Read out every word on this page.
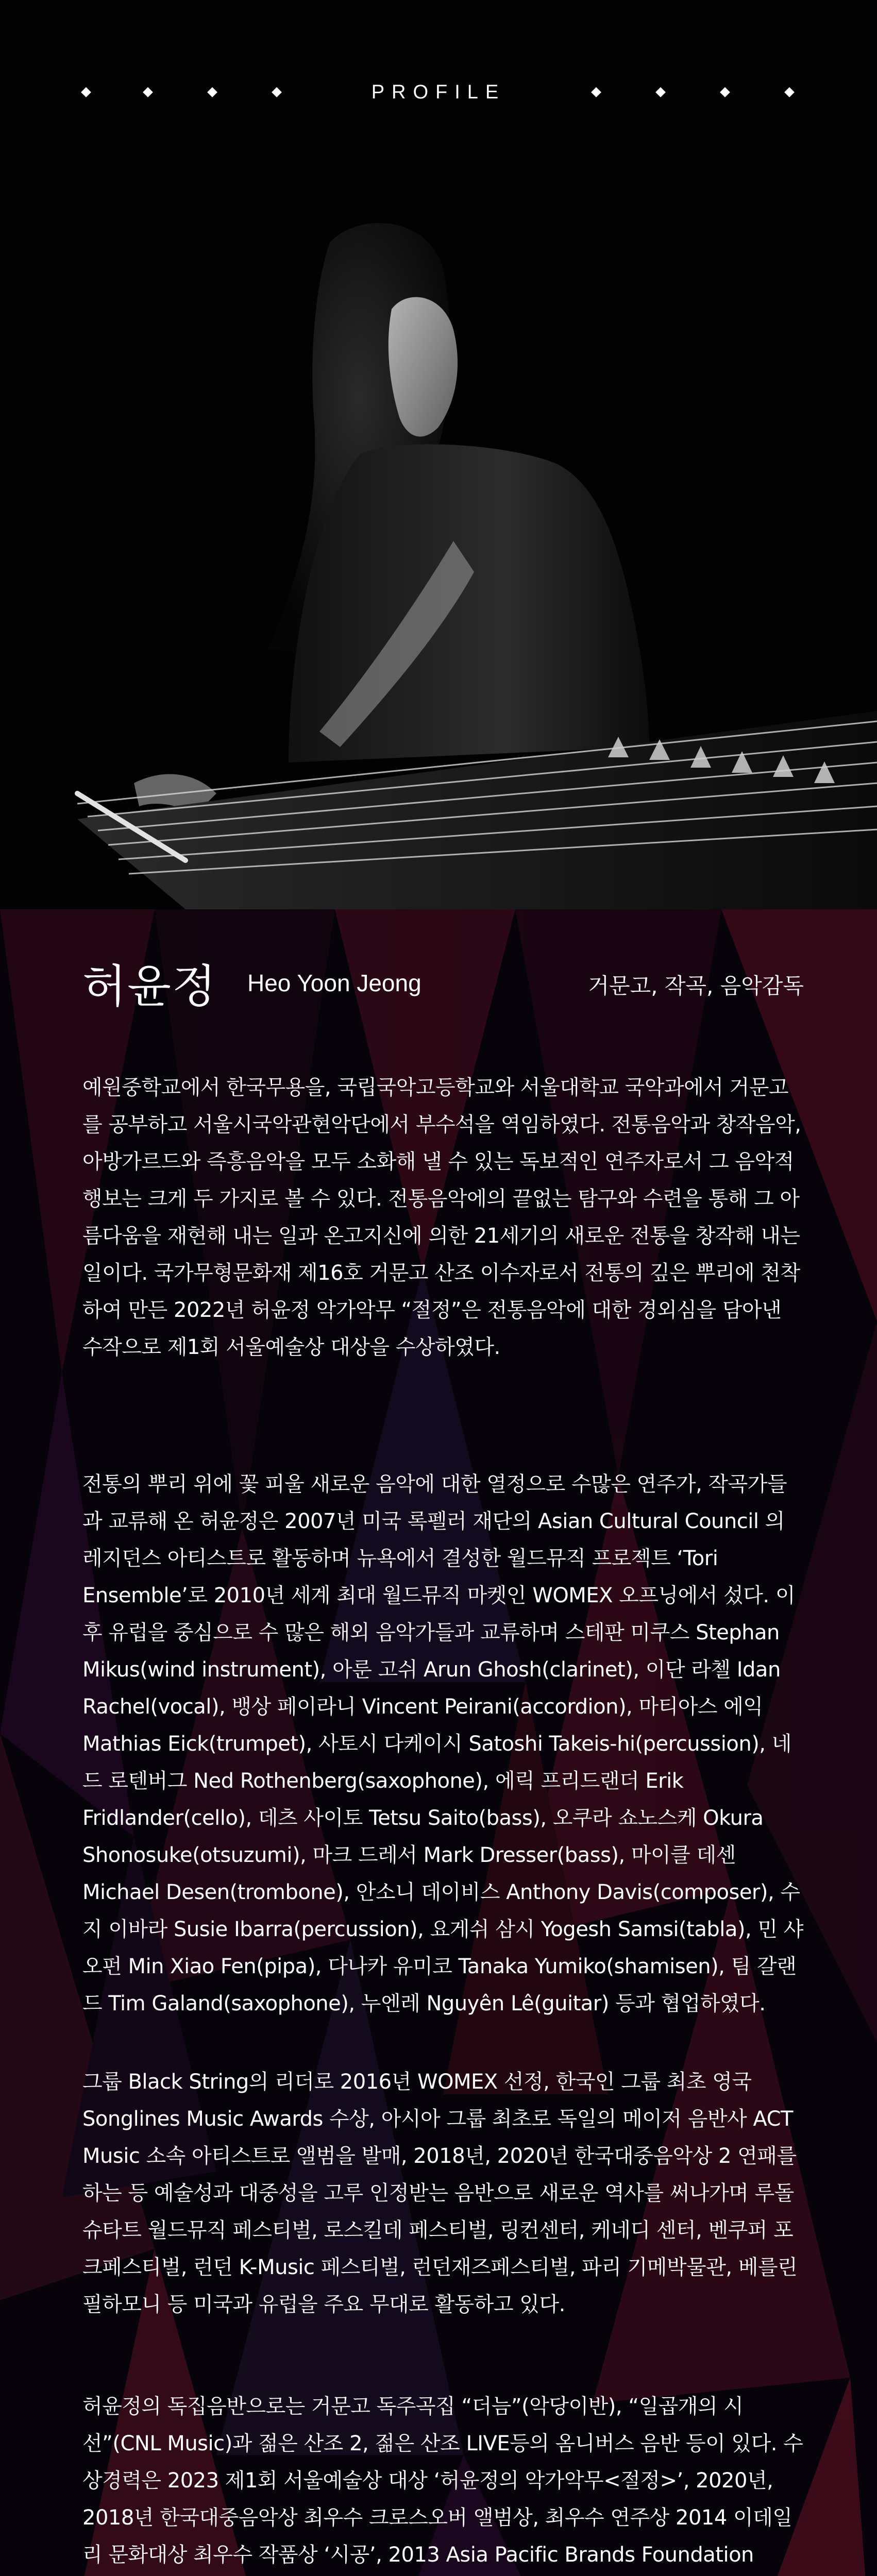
PROFILE
허윤정 Heo Yoon Jeong	거문고, 작곡, 음악감독

예원중학교에서 한국무용을, 국립국악고등학교와 서울대학교 국악과에서 거문고를 공부하고 서울시국악관현악단에서 부수석을 역임하였다. 전통음악과 창작음악, 아방가르드와 즉흥음악을 모두 소화해 낼 수 있는 독보적인 연주자로서 그 음악적 행보는 크게 두 가지로 볼 수 있다. 전통음악에의 끝없는 탐구와 수련을 통해 그 아름다움을 재현해 내는 일과 온고지신에 의한 21세기의 새로운 전통을 창작해 내는 일이다. 국가무형문화재 제16호 거문고 산조 이수자로서 전통의 깊은 뿌리에 천착하여 만든 2022년 허윤정 악가악무 “절정”은 전통음악에 대한 경외심을 담아낸 수작으로 제1회 서울예술상 대상을 수상하였다.

전통의 뿌리 위에 꽃 피울 새로운 음악에 대한 열정으로 수많은 연주가, 작곡가들과 교류해 온 허윤정은 2007년 미국 록펠러 재단의 Asian Cultural Council 의 레지던스 아티스트로 활동하며 뉴욕에서 결성한 월드뮤직 프로젝트 ‘Tori Ensemble’로 2010년 세계 최대 월드뮤직 마켓인 WOMEX 오프닝에서 섰다. 이후 유럽을 중심으로 수 많은 해외 음악가들과 교류하며 스테판 미쿠스 Stephan Mikus(wind instrument), 아룬 고쉬 Arun Ghosh(clarinet), 이단 라첼 Idan Rachel(vocal), 뱅상 페이라니 Vincent Peirani(accordion), 마티아스 에익 Mathias Eick(trumpet), 사토시 다케이시 Satoshi Takeis-hi(percussion), 네드 로텐버그 Ned Rothenberg(saxophone), 에릭 프리드랜더 Erik Fridlander(cello), 데츠 사이토 Tetsu Saito(bass), 오쿠라 쇼노스케 Okura Shonosuke(otsuzumi), 마크 드레서 Mark Dresser(bass), 마이클 데센 Michael Desen(trombone), 안소니 데이비스 Anthony Davis(composer), 수지 이바라 Susie Ibarra(percussion), 요게쉬 삼시 Yogesh Samsi(tabla), 민 샤오펀 Min Xiao Fen(pipa), 다나카 유미코 Tanaka Yumiko(shamisen), 팀 갈랜드 Tim Galand(saxophone), 누엔레 Nguyên Lê(guitar) 등과 협업하였다.

그룹 Black String의 리더로 2016년 WOMEX 선정, 한국인 그룹 최초 영국 Songlines Music Awards 수상, 아시아 그룹 최초로 독일의 메이저 음반사 ACT Music 소속 아티스트로 앨범을 발매, 2018년, 2020년 한국대중음악상 2 연패를 하는 등 예술성과 대중성을 고루 인정받는 음반으로 새로운 역사를 써나가며 루돌슈타트 월드뮤직 페스티벌, 로스킬데 페스티벌, 링컨센터, 케네디 센터, 벤쿠퍼 포크페스티벌, 런던 K-Music 페스티벌, 런던재즈페스티벌, 파리 기메박물관, 베를린필하모니 등 미국과 유럽을 주요 무대로 활동하고 있다.

허윤정의 독집음반으로는 거문고 독주곡집 “더늠”(악당이반), “일곱개의 시선”(CNL Music)과 젊은 산조 2, 젊은 산조 LIVE등의 옴니버스 음반 등이 있다. 수상경력은 2023 제1회 서울예술상 대상 ‘허윤정의 악가악무<절정>’, 2020년, 2018년 한국대중음악상 최우수 크로스오버 앨범상, 최우수 연주상 2014 이데일리 문화대상 최우수 작품상 ‘시공’, 2013 Asia Pacific Brands Foundation
